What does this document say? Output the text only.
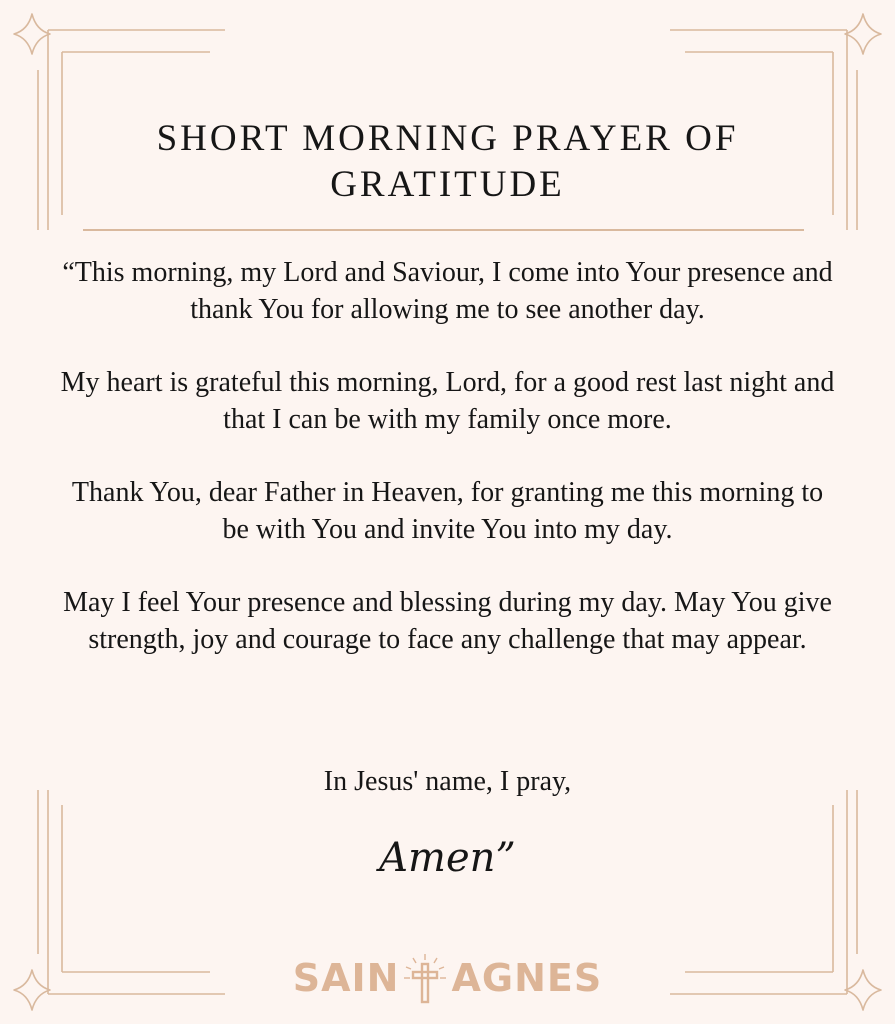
SHORT MORNING PRAYER OF GRATITUDE

“This morning, my Lord and Saviour, I come into Your presence and thank You for allowing me to see another day.

My heart is grateful this morning, Lord, for a good rest last night and that I can be with my family once more.

Thank You, dear Father in Heaven, for granting me this morning to be with You and invite You into my day.

May I feel Your presence and blessing during my day. May You give strength, joy and courage to face any challenge that may appear.

In Jesus' name, I pray,

Amen”

SAIN AGNES
